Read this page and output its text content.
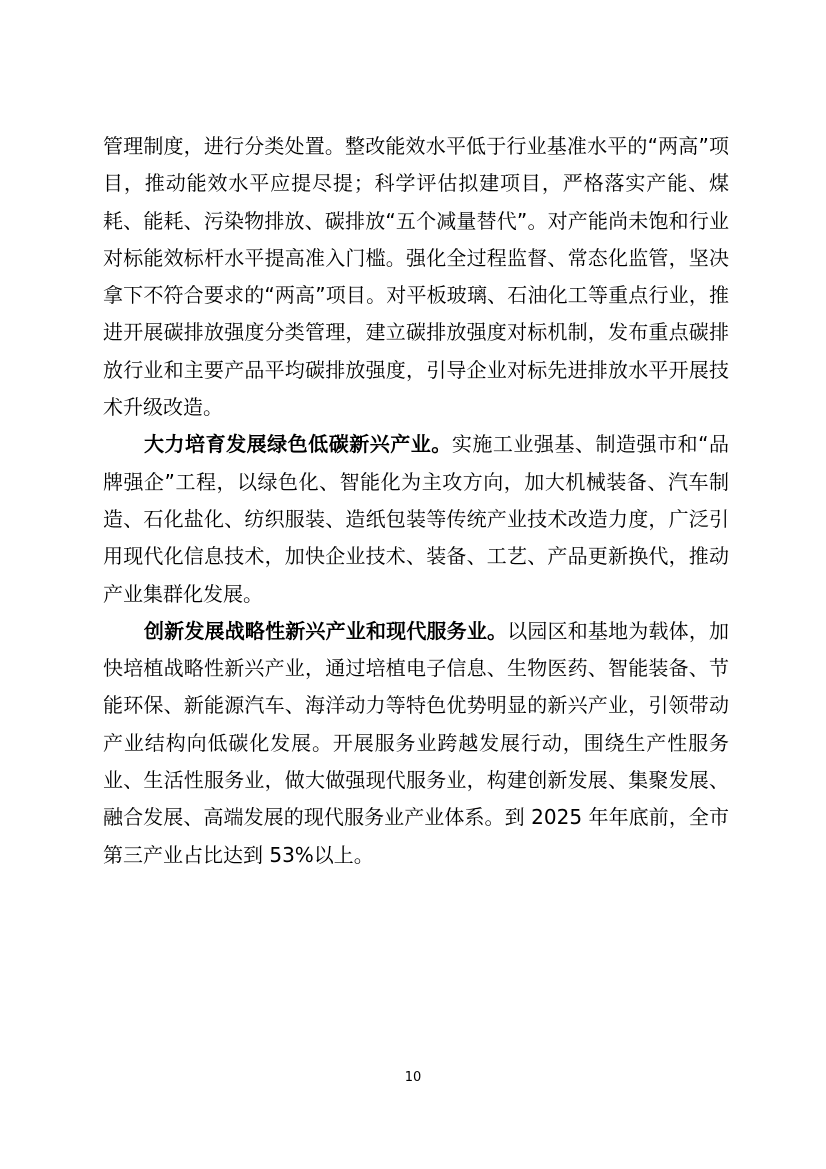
管理制度，进行分类处置。整改能效水平低于行业基准水平的“两高”项目，推动能效水平应提尽提；科学评估拟建项目，严格落实产能、煤耗、能耗、污染物排放、碳排放“五个减量替代”。对产能尚未饱和行业对标能效标杆水平提高准入门槛。强化全过程监督、常态化监管，坚决拿下不符合要求的“两高”项目。对平板玻璃、石油化工等重点行业，推进开展碳排放强度分类管理，建立碳排放强度对标机制，发布重点碳排放行业和主要产品平均碳排放强度，引导企业对标先进排放水平开展技术升级改造。

大力培育发展绿色低碳新兴产业。实施工业强基、制造强市和“品牌强企”工程，以绿色化、智能化为主攻方向，加大机械装备、汽车制造、石化盐化、纺织服装、造纸包装等传统产业技术改造力度，广泛引用现代化信息技术，加快企业技术、装备、工艺、产品更新换代，推动产业集群化发展。

创新发展战略性新兴产业和现代服务业。以园区和基地为载体，加快培植战略性新兴产业，通过培植电子信息、生物医药、智能装备、节能环保、新能源汽车、海洋动力等特色优势明显的新兴产业，引领带动产业结构向低碳化发展。开展服务业跨越发展行动，围绕生产性服务业、生活性服务业，做大做强现代服务业，构建创新发展、集聚发展、融合发展、高端发展的现代服务业产业体系。到 2025 年年底前，全市第三产业占比达到 53%以上。

10
